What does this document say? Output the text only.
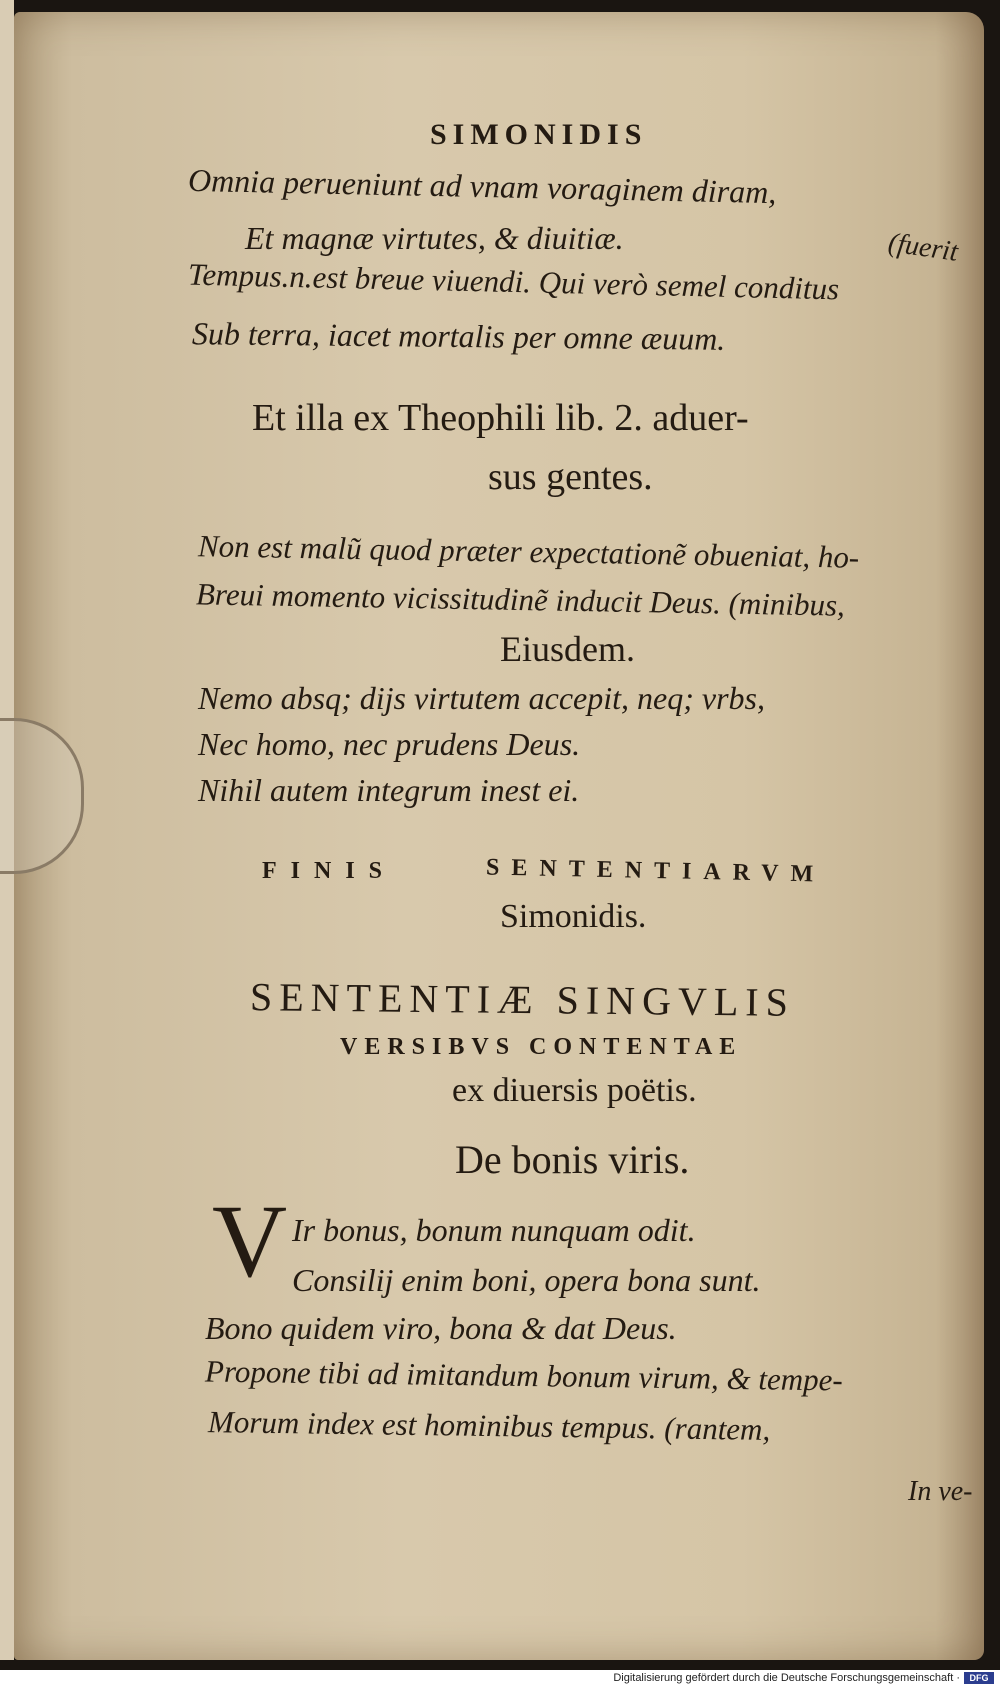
SIMONIDIS
Omnia perueniunt ad vnam voraginem diram,
Et magnæ virtutes, & diuitiæ.	(fuerit
Tempus.n.est breue viuendi. Qui verò semel conditus
Sub terra, iacet mortalis per omne æuum.
Et illa ex Theophili lib. 2. aduer-
sus gentes.
Non est malũ quod præter expectationẽ obueniat, ho-
Breui momento vicissitudinẽ inducit Deus. (minibus,
Eiusdem.
Nemo absq; dijs virtutem accepit, neq; vrbs,
Nec homo, nec prudens Deus.
Nihil autem integrum inest ei.
FINIS	SENTENTIARVM
Simonidis.
SENTENTIÆ SINGVLIS
VERSIBVS CONTENTAE
ex diuersis poëtis.
De bonis viris.
V Ir bonus, bonum nunquam odit.
Consilij enim boni, opera bona sunt.
Bono quidem viro, bona & dat Deus.
Propone tibi ad imitandum bonum virum, & tempe-
Morum index est hominibus tempus. (rantem,
In ve-
Digitalisierung gefördert durch die Deutsche Forschungsgemeinschaft ·	DFG
